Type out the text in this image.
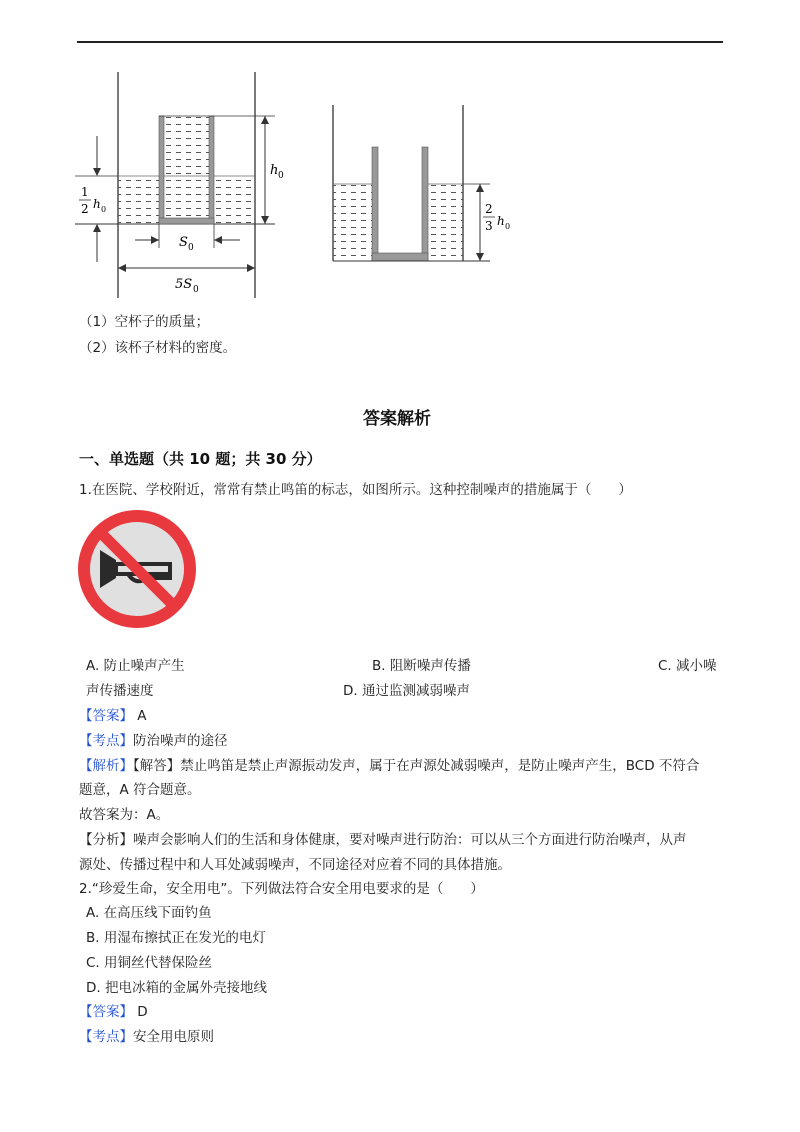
h 0
1
2 h 0
S 0
5S 0
2
3 h 0
（1）空杯子的质量；
（2）该杯子材料的密度。
答案解析
一、单选题（共 10 题；共 30 分）
1.在医院、学校附近，常常有禁止鸣笛的标志，如图所示。这种控制噪声的措施属于（　　）
A. 防止噪声产生	B. 阻断噪声传播	C. 减小噪
声传播速度	D. 通过监测减弱噪声
【答案】 A
【考点】防治噪声的途径
【解析】【解答】禁止鸣笛是禁止声源振动发声，属于在声源处减弱噪声，是防止噪声产生，BCD 不符合
题意，A 符合题意。
故答案为：A。
【分析】噪声会影响人们的生活和身体健康，要对噪声进行防治：可以从三个方面进行防治噪声，从声
源处、传播过程中和人耳处减弱噪声，不同途径对应着不同的具体措施。
2.“珍爱生命，安全用电”。下列做法符合安全用电要求的是（　　）
A. 在高压线下面钓鱼
B. 用湿布擦拭正在发光的电灯
C. 用铜丝代替保险丝
D. 把电冰箱的金属外壳接地线
【答案】 D
【考点】安全用电原则
